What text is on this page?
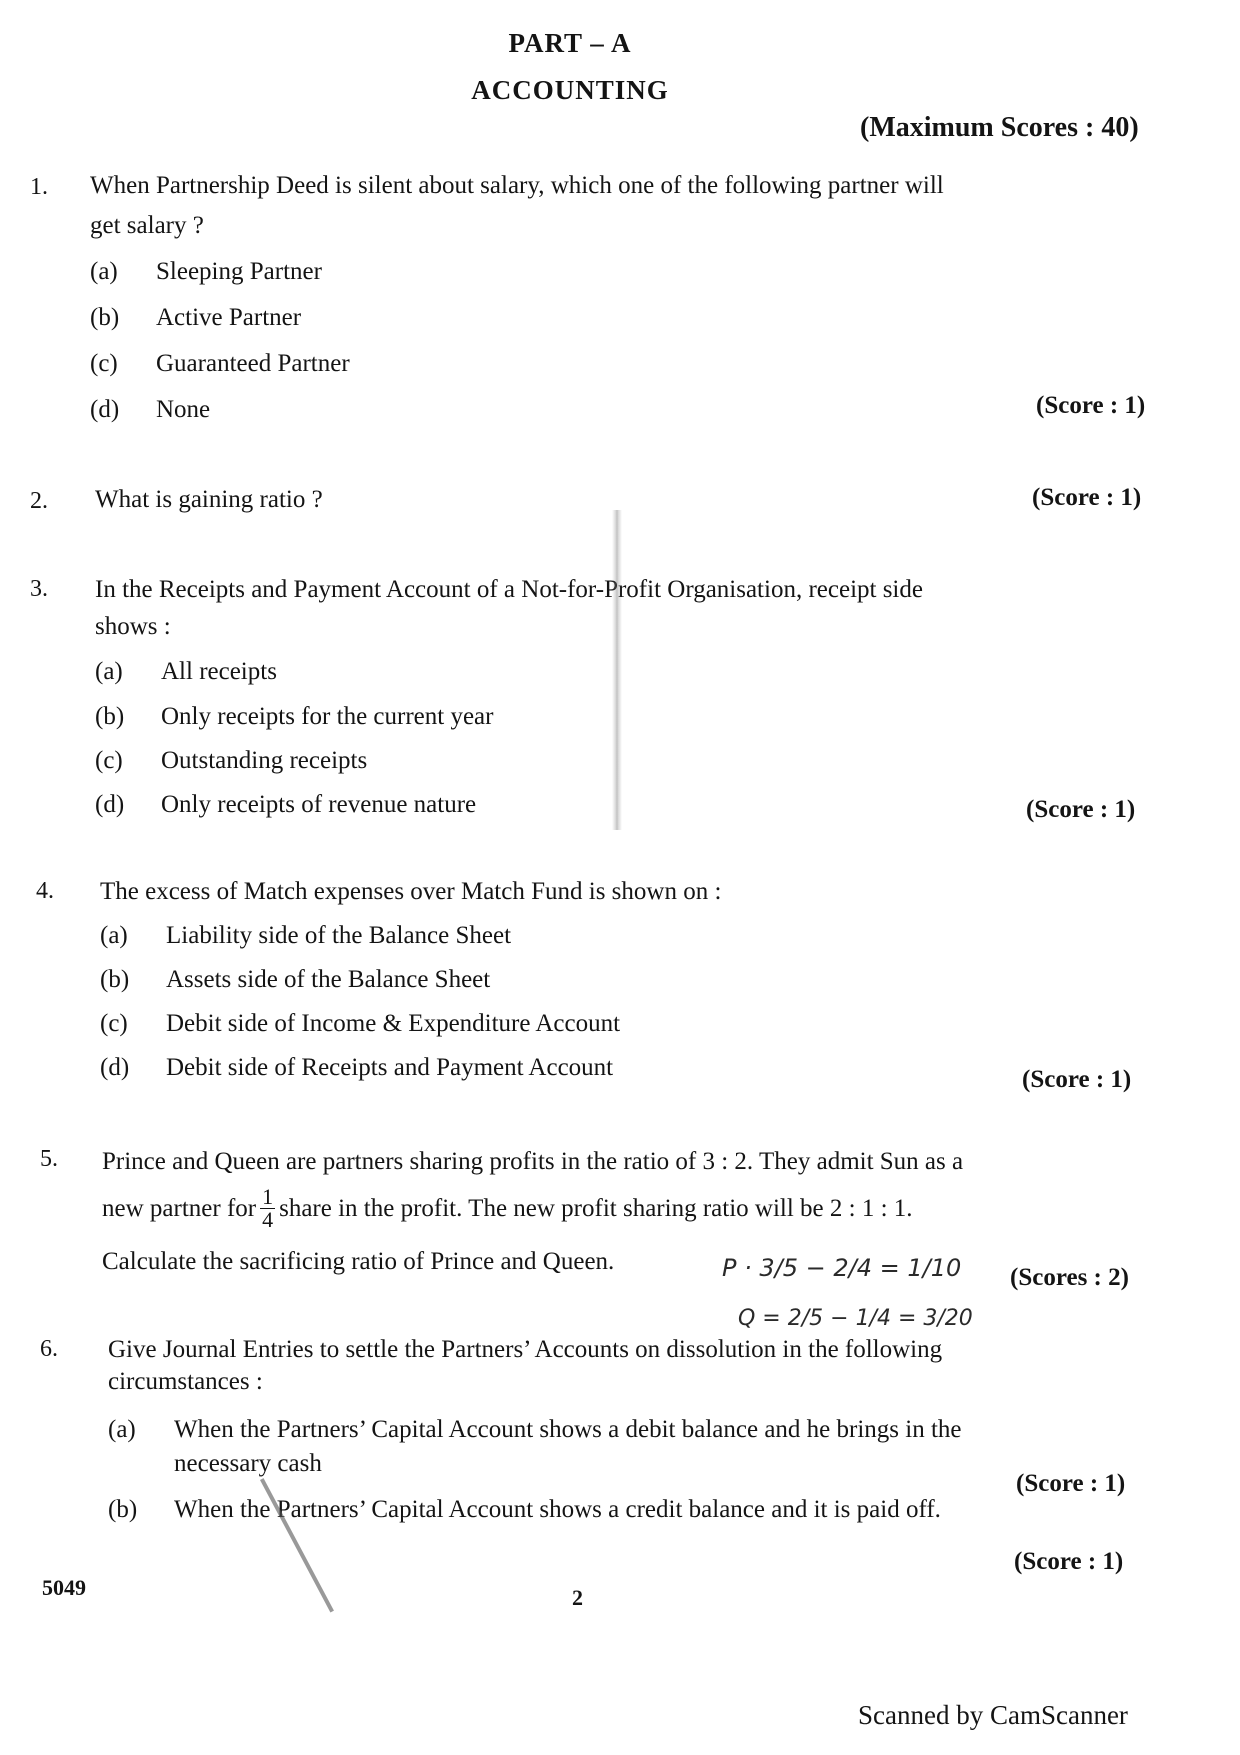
PART – A
ACCOUNTING
(Maximum Scores : 40)
1. When Partnership Deed is silent about salary, which one of the following partner will
get salary ?
(a) Sleeping Partner
(b) Active Partner
(c) Guaranteed Partner
(d) None	(Score : 1)
2. What is gaining ratio ?	(Score : 1)
3. In the Receipts and Payment Account of a Not-for-Profit Organisation, receipt side
shows :
(a) All receipts
(b) Only receipts for the current year
(c) Outstanding receipts
(d) Only receipts of revenue nature	(Score : 1)
4. The excess of Match expenses over Match Fund is shown on :
(a) Liability side of the Balance Sheet
(b) Assets side of the Balance Sheet
(c) Debit side of Income & Expenditure Account
(d) Debit side of Receipts and Payment Account	(Score : 1)
5. Prince and Queen are partners sharing profits in the ratio of 3 : 2. They admit Sun as a
new partner for $\frac{1}{4}$ share in the profit. The new profit sharing ratio will be 2 : 1 : 1.
Calculate the sacrificing ratio of Prince and Queen.	P · 3/5 − 2/4 = 1/10
Q = 2/5 − 1/4 = 3/20
(Scores : 2)
6. Give Journal Entries to settle the Partners’ Accounts on dissolution in the following
circumstances :
(a) When the Partners’ Capital Account shows a debit balance and he brings in the
necessary cash
(Score : 1)
(b) When the Partners’ Capital Account shows a credit balance and it is paid off.
(Score : 1)
5049	2
Scanned by CamScanner
